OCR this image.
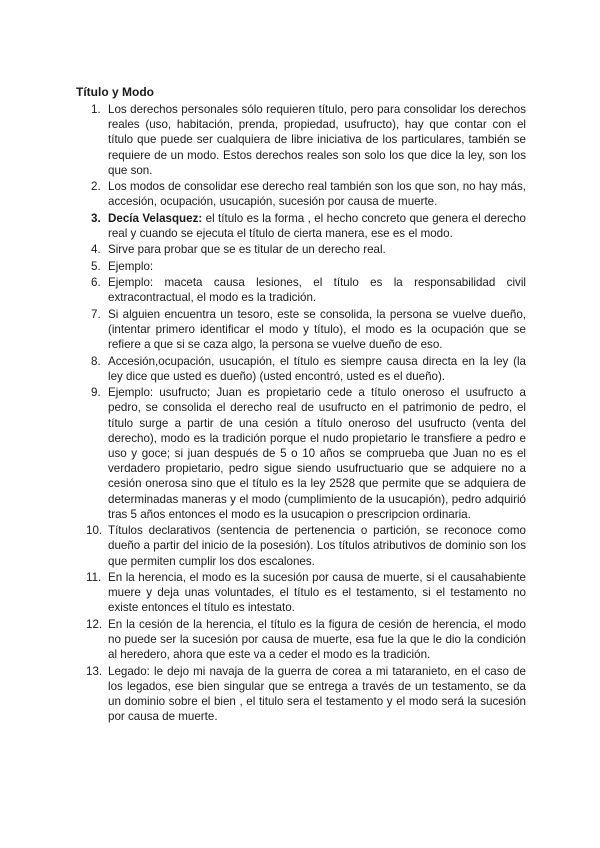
Título y Modo
1. Los derechos personales sólo requieren título, pero para consolidar los derechos reales (uso, habitación, prenda, propiedad, usufructo), hay que contar con el título que puede ser cualquiera de libre iniciativa de los particulares, también se requiere de un modo. Estos derechos reales son solo los que dice la ley, son los que son.
2. Los modos de consolidar ese derecho real también son los que son, no hay más, accesión, ocupación, usucapión, sucesión por causa de muerte.
3. Decía Velasquez: el título es la forma , el hecho concreto que genera el derecho real y cuando se ejecuta el título de cierta manera, ese es el modo.
4. Sirve para probar que se es titular de un derecho real.
5. Ejemplo:
6. Ejemplo: maceta causa lesiones, el título es la responsabilidad civil extracontractual, el modo es la tradición.
7. Si alguien encuentra un tesoro, este se consolida, la persona se vuelve dueño, (intentar primero identificar el modo y título), el modo es la ocupación que se refiere a que si se caza algo, la persona se vuelve dueño de eso.
8. Accesión,ocupación, usucapión, el título es siempre causa directa en la ley (la ley dice que usted es dueño) (usted encontró, usted es el dueño).
9. Ejemplo: usufructo; Juan es propietario cede a título oneroso el usufructo a pedro, se consolida el derecho real de usufructo en el patrimonio de pedro, el título surge a partir de una cesión a título oneroso del usufructo (venta del derecho), modo es la tradición porque el nudo propietario le transfiere a pedro e uso y goce; si juan después de 5 o 10 años se comprueba que Juan no es el verdadero propietario, pedro sigue siendo usufructuario que se adquiere no a cesión onerosa sino que el título es la ley 2528 que permite que se adquiera de determinadas maneras y el modo (cumplimiento de la usucapión), pedro adquirió tras 5 años entonces el modo es la usucapion o prescripcion ordinaria.
10. Títulos declarativos (sentencia de pertenencia o partición, se reconoce como dueño a partir del inicio de la posesión). Los títulos atributivos de dominio son los que permiten cumplir los dos escalones.
11. En la herencia, el modo es la sucesión por causa de muerte, si el causahabiente muere y deja unas voluntades, el título es el testamento, si el testamento no existe entonces el título es intestato.
12. En la cesión de la herencia, el título es la figura de cesión de herencia, el modo no puede ser la sucesión por causa de muerte, esa fue la que le dio la condición al heredero, ahora que este va a ceder el modo es la tradición.
13. Legado: le dejo mi navaja de la guerra de corea a mi tataranieto, en el caso de los legados, ese bien singular que se entrega a través de un testamento, se da un dominio sobre el bien , el titulo sera el testamento y el modo será la sucesión por causa de muerte.
